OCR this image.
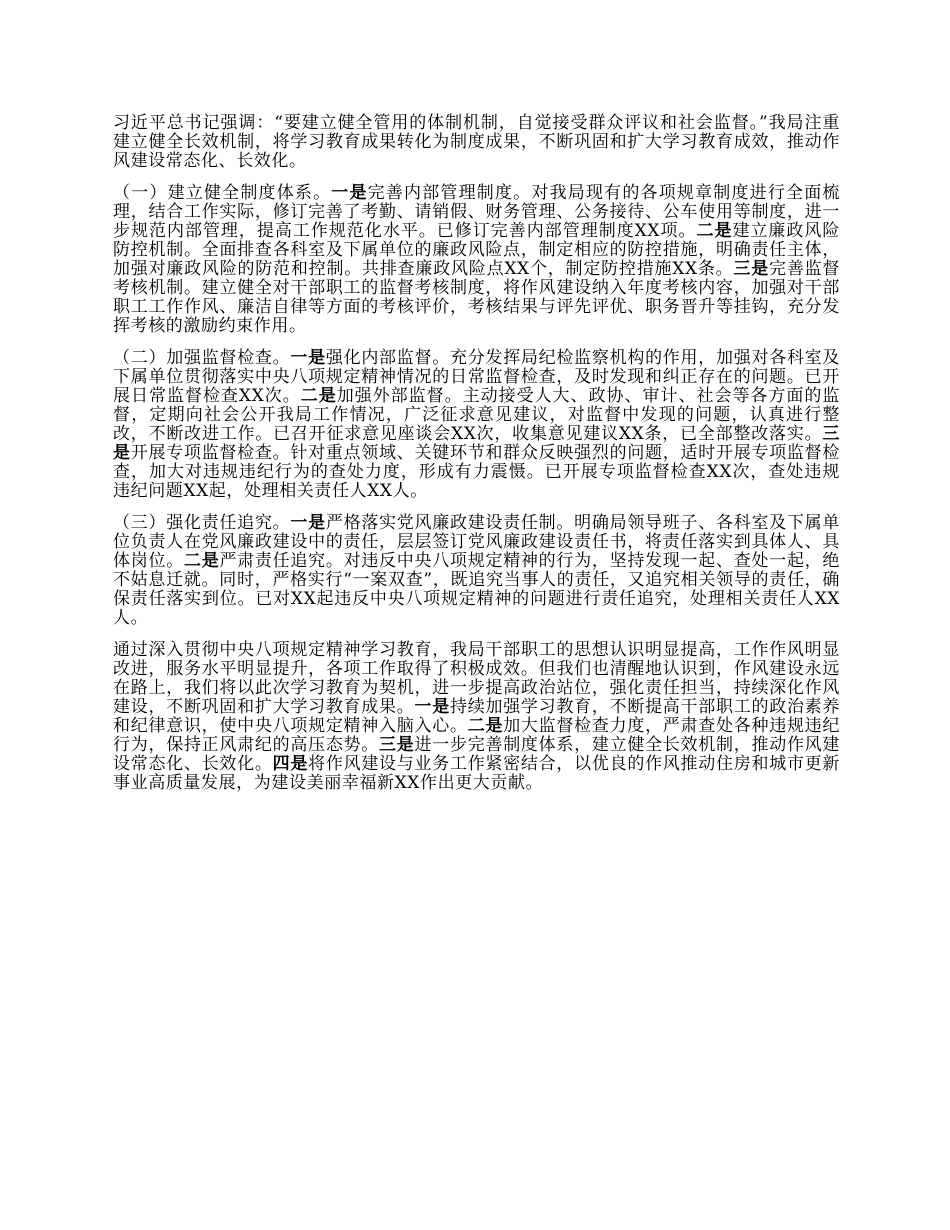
习近平总书记强调：“要建立健全管用的体制机制，自觉接受群众评议和社会监督。”我局注重建立健全长效机制，将学习教育成果转化为制度成果，不断巩固和扩大学习教育成效，推动作风建设常态化、长效化。

（一）建立健全制度体系。一是完善内部管理制度。对我局现有的各项规章制度进行全面梳理，结合工作实际，修订完善了考勤、请销假、财务管理、公务接待、公车使用等制度，进一步规范内部管理，提高工作规范化水平。已修订完善内部管理制度XX项。二是建立廉政风险防控机制。全面排查各科室及下属单位的廉政风险点，制定相应的防控措施，明确责任主体，加强对廉政风险的防范和控制。共排查廉政风险点XX个，制定防控措施XX条。三是完善监督考核机制。建立健全对干部职工的监督考核制度，将作风建设纳入年度考核内容，加强对干部职工工作作风、廉洁自律等方面的考核评价，考核结果与评先评优、职务晋升等挂钩，充分发挥考核的激励约束作用。

（二）加强监督检查。一是强化内部监督。充分发挥局纪检监察机构的作用，加强对各科室及下属单位贯彻落实中央八项规定精神情况的日常监督检查，及时发现和纠正存在的问题。已开展日常监督检查XX次。二是加强外部监督。主动接受人大、政协、审计、社会等各方面的监督，定期向社会公开我局工作情况，广泛征求意见建议，对监督中发现的问题，认真进行整改，不断改进工作。已召开征求意见座谈会XX次，收集意见建议XX条，已全部整改落实。三是开展专项监督检查。针对重点领域、关键环节和群众反映强烈的问题，适时开展专项监督检查，加大对违规违纪行为的查处力度，形成有力震慑。已开展专项监督检查XX次，查处违规违纪问题XX起，处理相关责任人XX人。

（三）强化责任追究。一是严格落实党风廉政建设责任制。明确局领导班子、各科室及下属单位负责人在党风廉政建设中的责任，层层签订党风廉政建设责任书，将责任落实到具体人、具体岗位。二是严肃责任追究。对违反中央八项规定精神的行为，坚持发现一起、查处一起，绝不姑息迁就。同时，严格实行“一案双查”，既追究当事人的责任，又追究相关领导的责任，确保责任落实到位。已对XX起违反中央八项规定精神的问题进行责任追究，处理相关责任人XX人。

通过深入贯彻中央八项规定精神学习教育，我局干部职工的思想认识明显提高，工作作风明显改进，服务水平明显提升，各项工作取得了积极成效。但我们也清醒地认识到，作风建设永远在路上，我们将以此次学习教育为契机，进一步提高政治站位，强化责任担当，持续深化作风建设，不断巩固和扩大学习教育成果。一是持续加强学习教育，不断提高干部职工的政治素养和纪律意识，使中央八项规定精神入脑入心。二是加大监督检查力度，严肃查处各种违规违纪行为，保持正风肃纪的高压态势。三是进一步完善制度体系，建立健全长效机制，推动作风建设常态化、长效化。四是将作风建设与业务工作紧密结合，以优良的作风推动住房和城市更新事业高质量发展，为建设美丽幸福新XX作出更大贡献。
